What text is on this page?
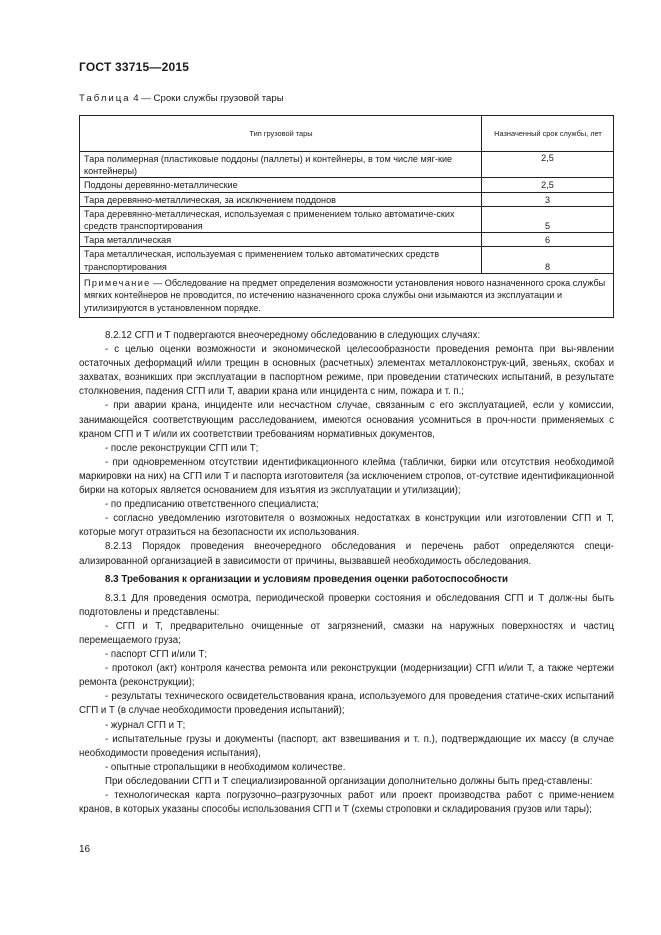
ГОСТ 33715—2015
Таблица 4 — Сроки службы грузовой тары
Тип грузовой тары	Назначенный срок службы, лет
Тара полимерная (пластиковые поддоны (паллеты) и контейнеры, в том числе мяг-кие контейнеры)	2,5
Поддоны деревянно-металлические	2,5
Тара деревянно-металлическая, за исключением поддонов	3
Тара деревянно-металлическая, используемая с применением только автоматиче-ских средств транспортирования	5
Тара металлическая	6
Тара металлическая, используемая с применением только автоматических средств транспортирования	8
Примечание — Обследование на предмет определения возможности установления нового назначенного срока службы мягких контейнеров не проводится, по истечению назначенного срока службы они изымаются из эксплуатации и утилизируются в установленном порядке.	

8.2.12 СГП и Т подвергаются внеочередному обследованию в следующих случаях:

- с целью оценки возможности и экономической целесообразности проведения ремонта при вы-явлении остаточных деформаций и/или трещин в основных (расчетных) элементах металлоконструк-ций, звеньях, скобах и захватах, возникших при эксплуатации в паспортном режиме, при проведении статических испытаний, в результате столкновения, падения СГП или Т, аварии крана или инцидента с ним, пожара и т. п.;

- при аварии крана, инциденте или несчастном случае, связанным с его эксплуатацией, если у комиссии, занимающейся соответствующим расследованием, имеются основания усомниться в проч-ности применяемых с краном СГП и Т и/или их соответствии требованиям нормативных документов,

- после реконструкции СГП или Т;

- при одновременном отсутствии идентификационного клейма (таблички, бирки или отсутствия необходимой маркировки на них) на СГП или Т и паспорта изготовителя (за исключением стропов, от-сутствие идентификационной бирки на которых является основанием для изъятия из эксплуатации и утилизации);

- по предписанию ответственного специалиста;

- согласно уведомлению изготовителя о возможных недостатках в конструкции или изготовлении СГП и Т, которые могут отразиться на безопасности их использования.

8.2.13 Порядок проведения внеочередного обследования и перечень работ определяются специ-ализированной организацией в зависимости от причины, вызвавшей необходимость обследования.

8.3 Требования к организации и условиям проведения оценки работоспособности

8.3.1 Для проведения осмотра, периодической проверки состояния и обследования СГП и Т долж-ны быть подготовлены и представлены:

- СГП и Т, предварительно очищенные от загрязнений, смазки на наружных поверхностях и частиц перемещаемого груза;

- паспорт СГП и/или Т;

- протокол (акт) контроля качества ремонта или реконструкции (модернизации) СГП и/или Т, а также чертежи ремонта (реконструкции);

- результаты технического освидетельствования крана, используемого для проведения статиче-ских испытаний СГП и Т (в случае необходимости проведения испытаний);

- журнал СГП и Т;

- испытательные грузы и документы (паспорт, акт взвешивания и т. п.), подтверждающие их массу (в случае необходимости проведения испытания),

- опытные стропальщики в необходимом количестве.

При обследовании СГП и Т специализированной организации дополнительно должны быть пред-ставлены:

- технологическая карта погрузочно–разгрузочных работ или проект производства работ с приме-нением кранов, в которых указаны способы использования СГП и Т (схемы строповки и складирования грузов или тары);

16
